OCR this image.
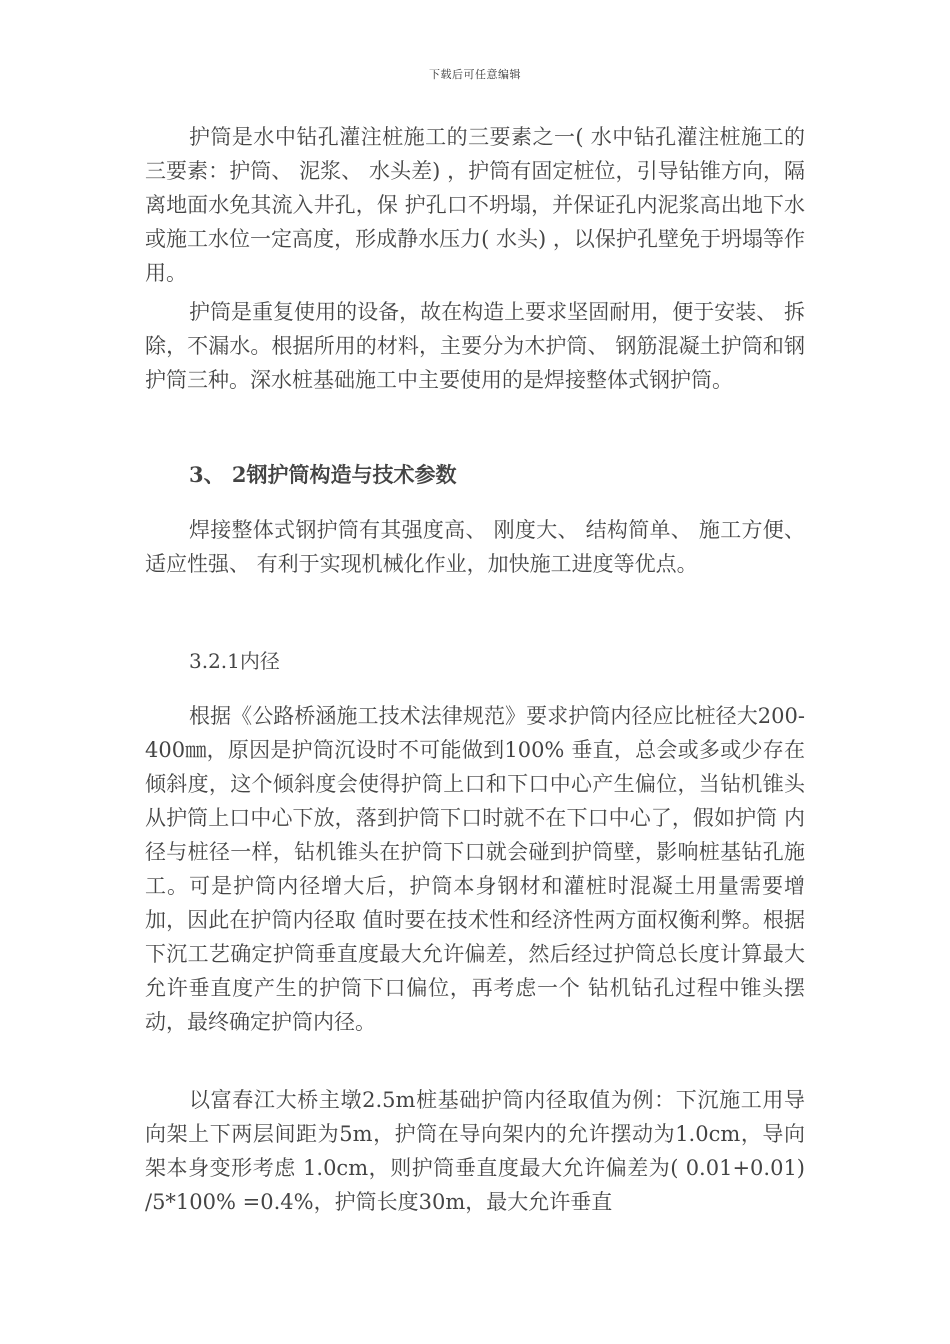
下载后可任意编辑

护筒是水中钻孔灌注桩施工的三要素之一( 水中钻孔灌注桩施工的三要素：护筒、 泥浆、 水头差) ，护筒有固定桩位，引导钻锥方向，隔离地面水免其流入井孔，保 护孔口不坍塌，并保证孔内泥浆高出地下水或施工水位一定高度，形成静水压力( 水头) ，以保护孔壁免于坍塌等作用。

护筒是重复使用的设备，故在构造上要求坚固耐用，便于安装、 拆除，不漏水。根据所用的材料，主要分为木护筒、 钢筋混凝土护筒和钢护筒三种。深水桩基础施工中主要使用的是焊接整体式钢护筒。

3、 2钢护筒构造与技术参数

焊接整体式钢护筒有其强度高、 刚度大、 结构简单、 施工方便、 适应性强、 有利于实现机械化作业，加快施工进度等优点。

3.2.1内径

根据《公路桥涵施工技术法律规范》要求护筒内径应比桩径大200-400㎜，原因是护筒沉设时不可能做到100% 垂直，总会或多或少存在倾斜度，这个倾斜度会使得护筒上口和下口中心产生偏位，当钻机锥头从护筒上口中心下放，落到护筒下口时就不在下口中心了，假如护筒 内径与桩径一样，钻机锥头在护筒下口就会碰到护筒壁，影响桩基钻孔施工。可是护筒内径增大后，护筒本身钢材和灌桩时混凝土用量需要增加，因此在护筒内径取 值时要在技术性和经济性两方面权衡利弊。根据下沉工艺确定护筒垂直度最大允许偏差，然后经过护筒总长度计算最大允许垂直度产生的护筒下口偏位，再考虑一个 钻机钻孔过程中锥头摆动，最终确定护筒内径。

以富春江大桥主墩2.5m桩基础护筒内径取值为例：下沉施工用导向架上下两层间距为5m，护筒在导向架内的允许摆动为1.0cm，导向架本身变形考虑 1.0cm，则护筒垂直度最大允许偏差为( 0.01+0.01) /5*100% =0.4%，护筒长度30m，最大允许垂直
